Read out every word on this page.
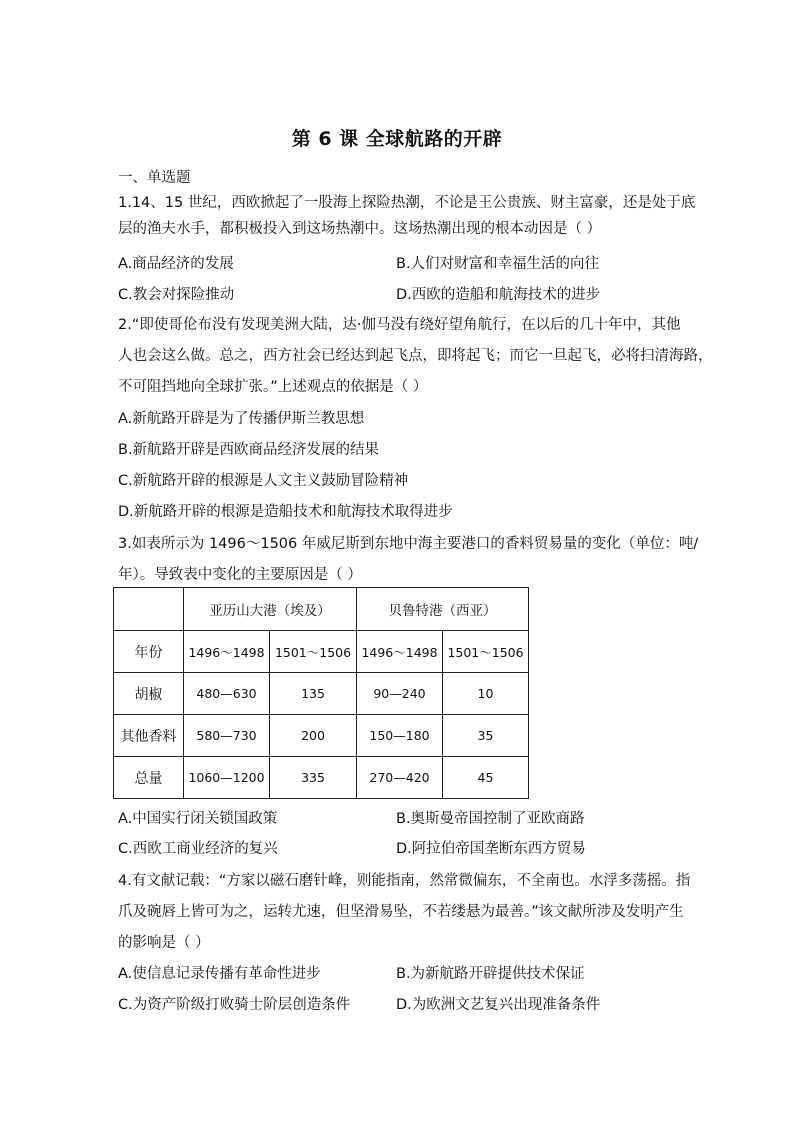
第 6 课 全球航路的开辟
一、单选题
1.14、15 世纪，西欧掀起了一股海上探险热潮，不论是王公贵族、财主富豪，还是处于底
层的渔夫水手，都积极投入到这场热潮中。这场热潮出现的根本动因是（ ）
A.商品经济的发展	B.人们对财富和幸福生活的向往
C.教会对探险推动	D.西欧的造船和航海技术的进步
2.“即使哥伦布没有发现美洲大陆，达·伽马没有绕好望角航行，在以后的几十年中，其他
人也会这么做。总之，西方社会已经达到起飞点，即将起飞；而它一旦起飞，必将扫清海路，
不可阻挡地向全球扩张。”上述观点的依据是（ ）
A.新航路开辟是为了传播伊斯兰教思想
B.新航路开辟是西欧商品经济发展的结果
C.新航路开辟的根源是人文主义鼓励冒险精神
D.新航路开辟的根源是造船技术和航海技术取得进步
3.如表所示为 1496～1506 年威尼斯到东地中海主要港口的香料贸易量的变化（单位：吨/
年）。导致表中变化的主要原因是（ ）
	亚历山大港（埃及）		贝鲁特港（西亚）	
年份	1496～1498	1501～1506	1496～1498	1501～1506
胡椒	480—630	135	90—240	10
其他香料	580—730	200	150—180	35
总量	1060—1200	335	270—420	45
A.中国实行闭关锁国政策	B.奥斯曼帝国控制了亚欧商路
C.西欧工商业经济的复兴	D.阿拉伯帝国垄断东西方贸易
4.有文献记载：“方家以磁石磨针峰，则能指南，然常微偏东，不全南也。水浮多荡摇。指
爪及碗唇上皆可为之，运转尤速，但坚滑易坠，不若缕悬为最善。”该文献所涉及发明产生
的影响是（ ）
A.使信息记录传播有革命性进步	B.为新航路开辟提供技术保证
C.为资产阶级打败骑士阶层创造条件	D.为欧洲文艺复兴出现准备条件
